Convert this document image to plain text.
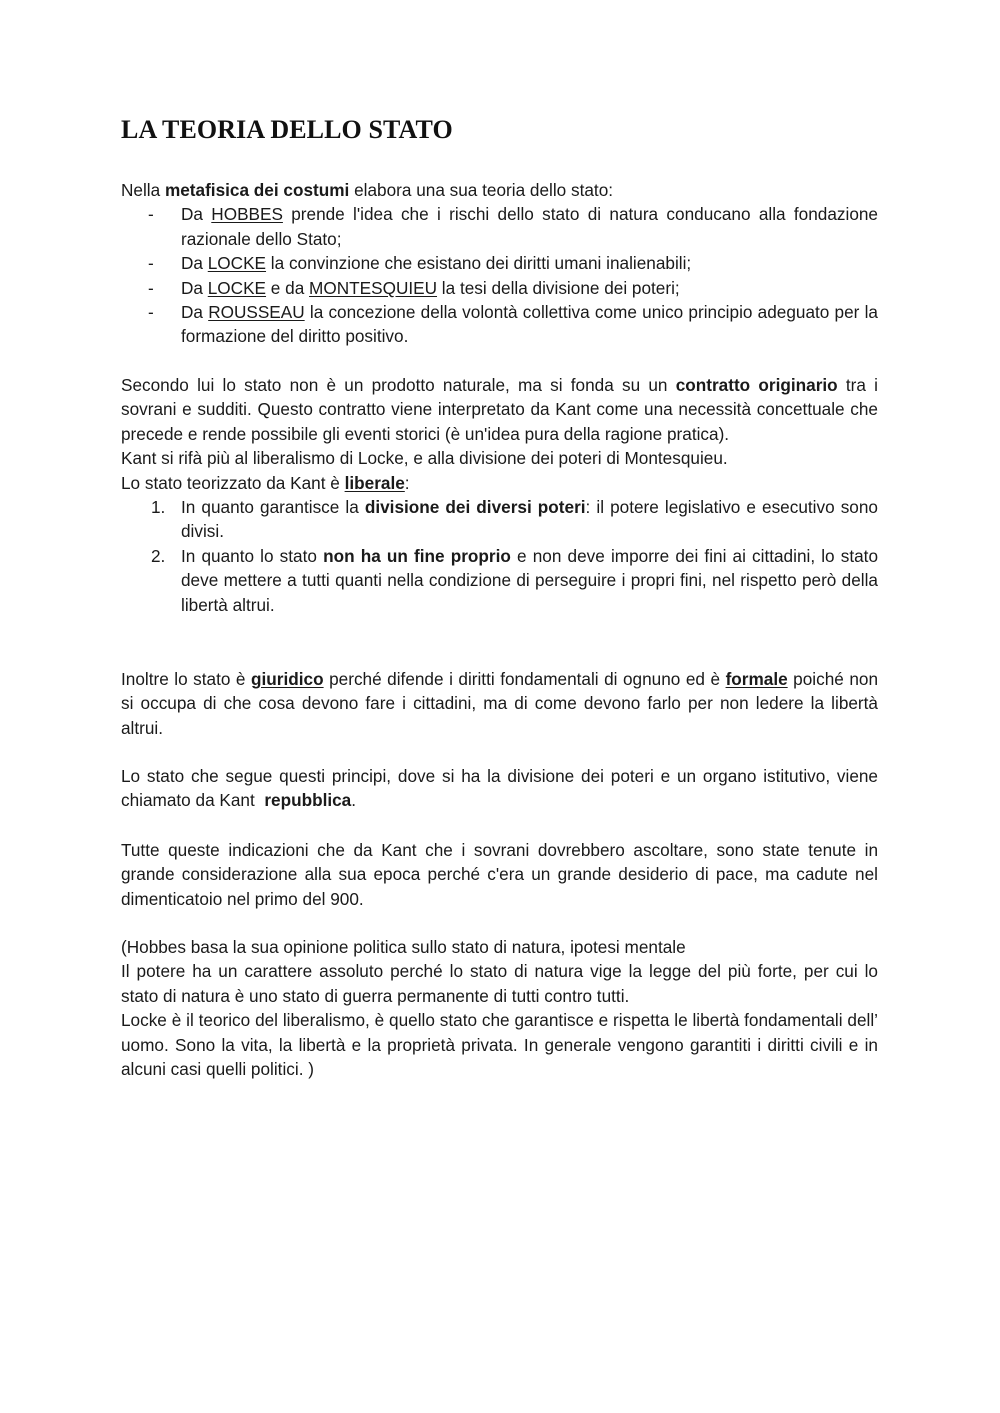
LA TEORIA DELLO STATO

Nella metafisica dei costumi elabora una sua teoria dello stato:

- Da HOBBES prende l'idea che i rischi dello stato di natura conducano alla fondazione razionale dello Stato;
- Da LOCKE la convinzione che esistano dei diritti umani inalienabili;
- Da LOCKE e da MONTESQUIEU la tesi della divisione dei poteri;
- Da ROUSSEAU la concezione della volontà collettiva come unico principio adeguato per la formazione del diritto positivo.

Secondo lui lo stato non è un prodotto naturale, ma si fonda su un contratto originario tra i sovrani e sudditi. Questo contratto viene interpretato da Kant come una necessità concettuale che precede e rende possibile gli eventi storici (è un'idea pura della ragione pratica).

Kant si rifà più al liberalismo di Locke, e alla divisione dei poteri di Montesquieu.

Lo stato teorizzato da Kant è liberale:

1. In quanto garantisce la divisione dei diversi poteri: il potere legislativo e esecutivo sono divisi.
2. In quanto lo stato non ha un fine proprio e non deve imporre dei fini ai cittadini, lo stato deve mettere a tutti quanti nella condizione di perseguire i propri fini, nel rispetto però della libertà altrui.

Inoltre lo stato è giuridico perché difende i diritti fondamentali di ognuno ed è formale poiché non si occupa di che cosa devono fare i cittadini, ma di come devono farlo per non ledere la libertà altrui.

Lo stato che segue questi principi, dove si ha la divisione dei poteri e un organo istitutivo, viene chiamato da Kant  repubblica.

Tutte queste indicazioni che da Kant che i sovrani dovrebbero ascoltare, sono state tenute in grande considerazione alla sua epoca perché c'era un grande desiderio di pace, ma cadute nel dimenticatoio nel primo del 900.

(Hobbes basa la sua opinione politica sullo stato di natura, ipotesi mentale

Il potere ha un carattere assoluto perché lo stato di natura vige la legge del più forte, per cui lo stato di natura è uno stato di guerra permanente di tutti contro tutti.

Locke è il teorico del liberalismo, è quello stato che garantisce e rispetta le libertà fondamentali dell’ uomo. Sono la vita, la libertà e la proprietà privata. In generale vengono garantiti i diritti civili e in alcuni casi quelli politici. )
